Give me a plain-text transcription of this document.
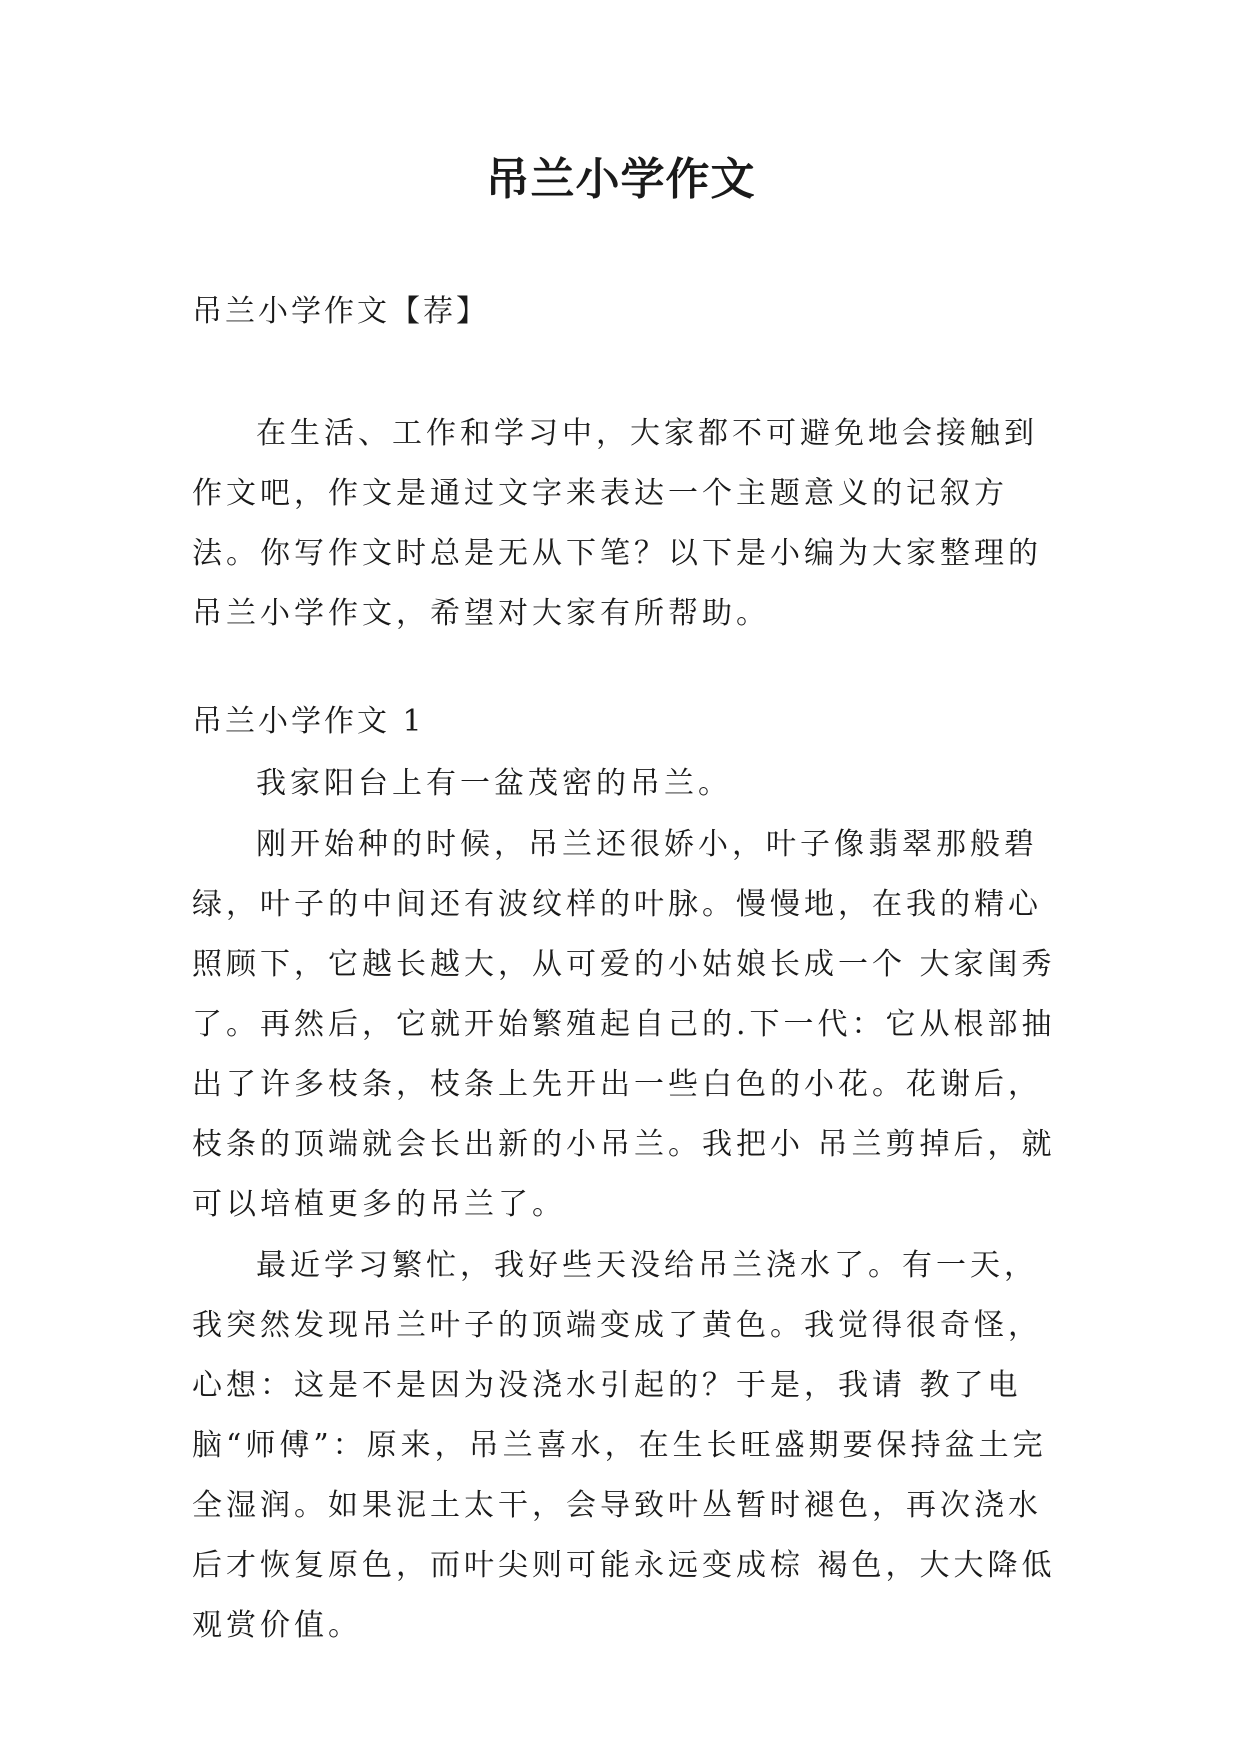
吊兰小学作文
吊兰小学作文【荐】

在生活、工作和学习中，大家都不可避免地会接触到作文吧，作文是通过文字来表达一个主题意义的记叙方法。你写作文时总是无从下笔？以下是小编为大家整理的吊兰小学作文，希望对大家有所帮助。

吊兰小学作文 1

我家阳台上有一盆茂密的吊兰。

刚开始种的时候，吊兰还很娇小，叶子像翡翠那般碧绿，叶子的中间还有波纹样的叶脉。慢慢地，在我的精心照顾下，它越长越大，从可爱的小姑娘长成一个 大家闺秀了。再然后，它就开始繁殖起自己的.下一代：它从根部抽出了许多枝条，枝条上先开出一些白色的小花。花谢后，枝条的顶端就会长出新的小吊兰。我把小 吊兰剪掉后，就可以培植更多的吊兰了。

最近学习繁忙，我好些天没给吊兰浇水了。有一天，我突然发现吊兰叶子的顶端变成了黄色。我觉得很奇怪，心想：这是不是因为没浇水引起的？于是，我请 教了电脑“师傅”：原来，吊兰喜水，在生长旺盛期要保持盆土完全湿润。如果泥土太干，会导致叶丛暂时褪色，再次浇水后才恢复原色，而叶尖则可能永远变成棕 褐色，大大降低观赏价值。
